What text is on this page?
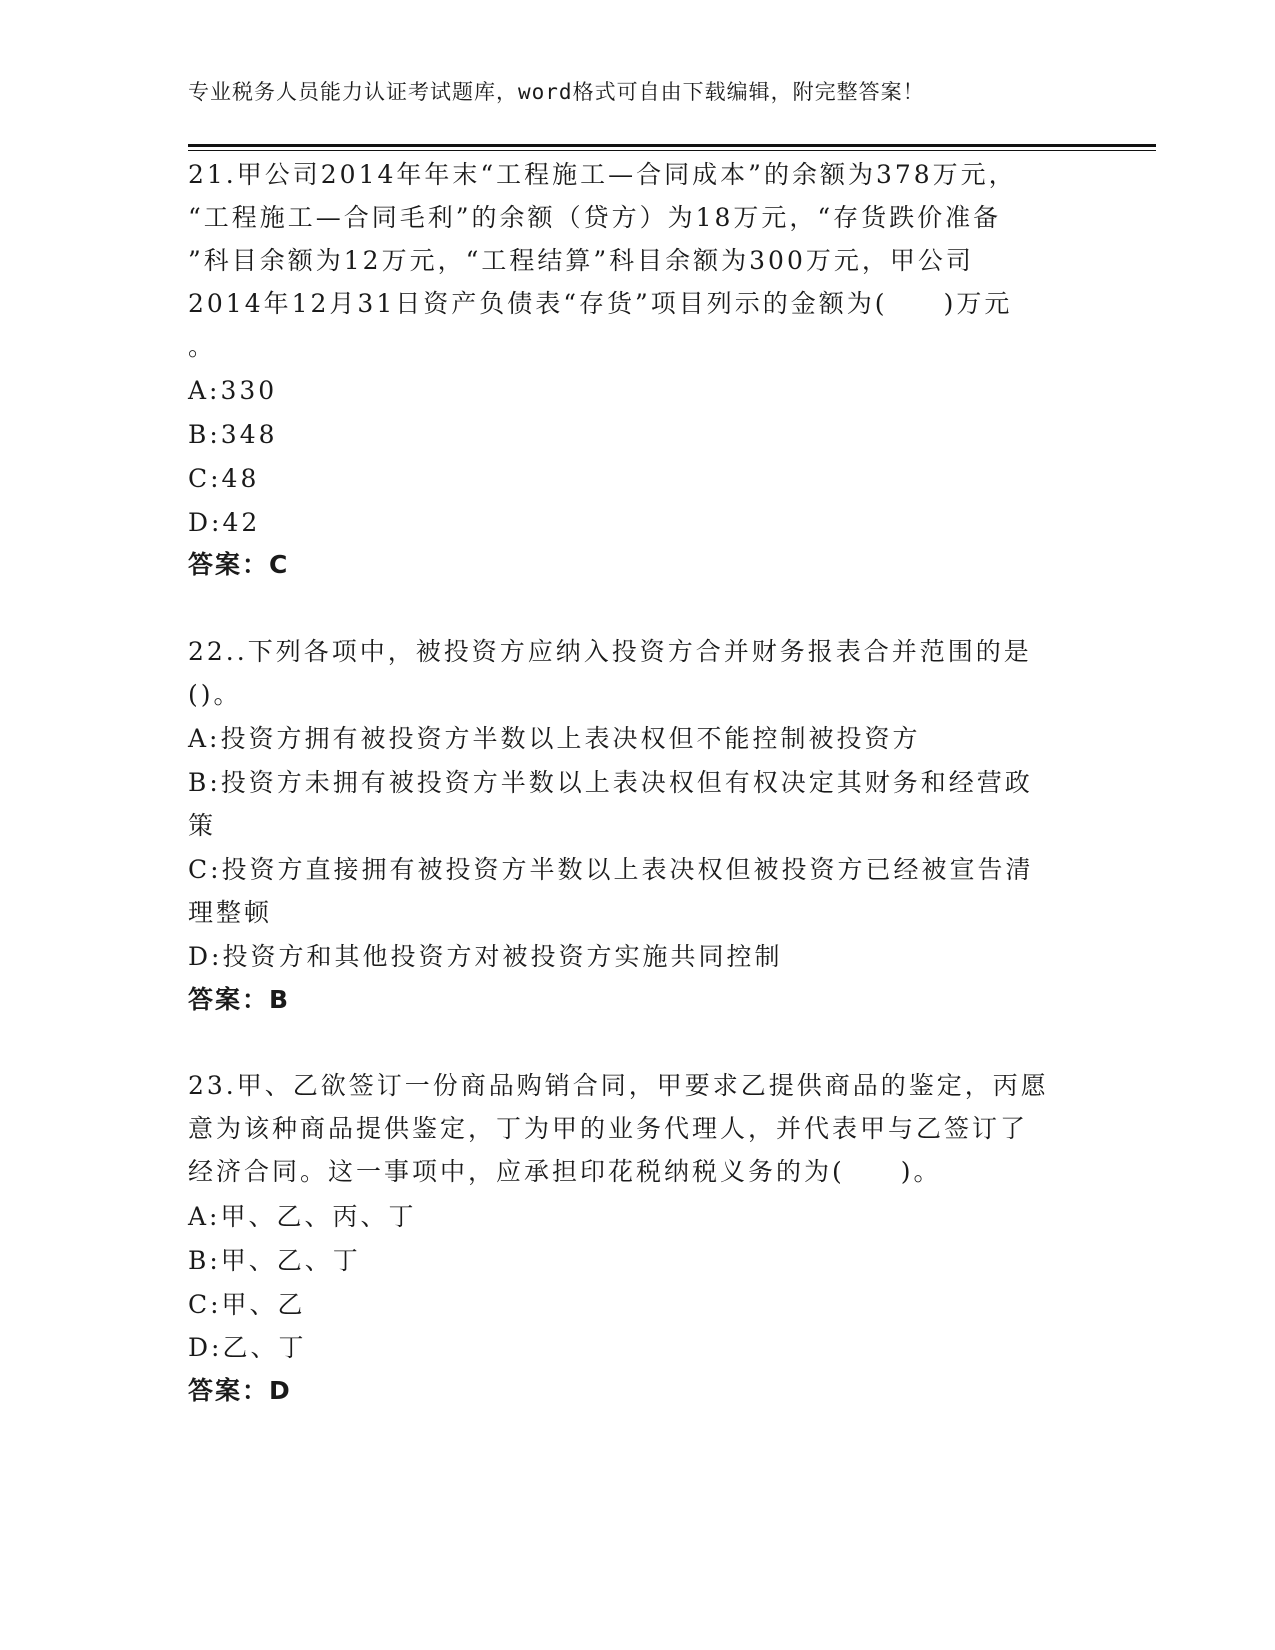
专业税务人员能力认证考试题库，word格式可自由下载编辑，附完整答案！
21.甲公司2014年年末“工程施工—合同成本”的余额为378万元，
“工程施工—合同毛利”的余额（贷方）为18万元，“存货跌价准备
”科目余额为12万元，“工程结算”科目余额为300万元，甲公司
2014年12月31日资产负债表“存货”项目列示的金额为(　　)万元
。
A:330
B:348
C:48
D:42
答案：C
22..下列各项中，被投资方应纳入投资方合并财务报表合并范围的是
()。
A:投资方拥有被投资方半数以上表决权但不能控制被投资方
B:投资方未拥有被投资方半数以上表决权但有权决定其财务和经营政
策
C:投资方直接拥有被投资方半数以上表决权但被投资方已经被宣告清
理整顿
D:投资方和其他投资方对被投资方实施共同控制
答案：B
23.甲、乙欲签订一份商品购销合同，甲要求乙提供商品的鉴定，丙愿
意为该种商品提供鉴定，丁为甲的业务代理人，并代表甲与乙签订了
经济合同。这一事项中，应承担印花税纳税义务的为(　　)。
A:甲、乙、丙、丁
B:甲、乙、丁
C:甲、乙
D:乙、丁
答案：D
